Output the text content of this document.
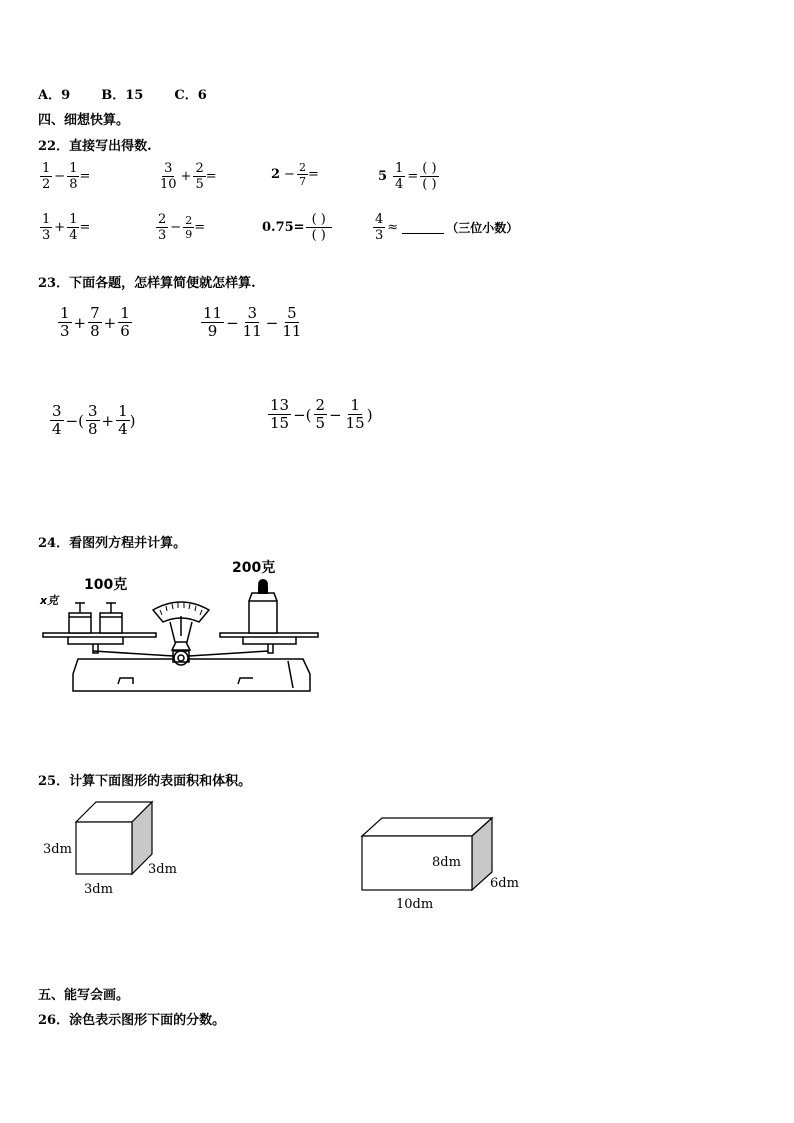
A．9 B．15 C．6
四、细想快算。
22．直接写出得数.
$\frac{1}{2} - \frac{1}{8}$ =	$\frac{3}{10} + \frac{2}{5}$ =	$2 - \frac{2}{7}$ =	$5 \frac{1}{4} = \frac{( )}{( )}$
$\frac{1}{3} + \frac{1}{4}$ =	$\frac{2}{3} - \frac{2}{9}$ =	$0.75= \frac{( )}{( )}$	$\frac{4}{3}$ ≈	（三位小数）
23．下面各题，怎样算简便就怎样算.
$\frac{1}{3} + \frac{7}{8} + \frac{1}{6}$	$\frac{11}{9} - \frac{3}{11} - \frac{5}{11}$
$\frac{3}{4}$ −( $\frac{3}{8} + \frac{1}{4}$ )	$\frac{13}{15}$ −( $\frac{2}{5} - \frac{1}{15}$ )
24．看图列方程并计算。
x克
100克
200克
25．计算下面图形的表面积和体积。
3dm
3dm
3dm
8dm
6dm
10dm
五、能写会画。
26．涂色表示图形下面的分数。
